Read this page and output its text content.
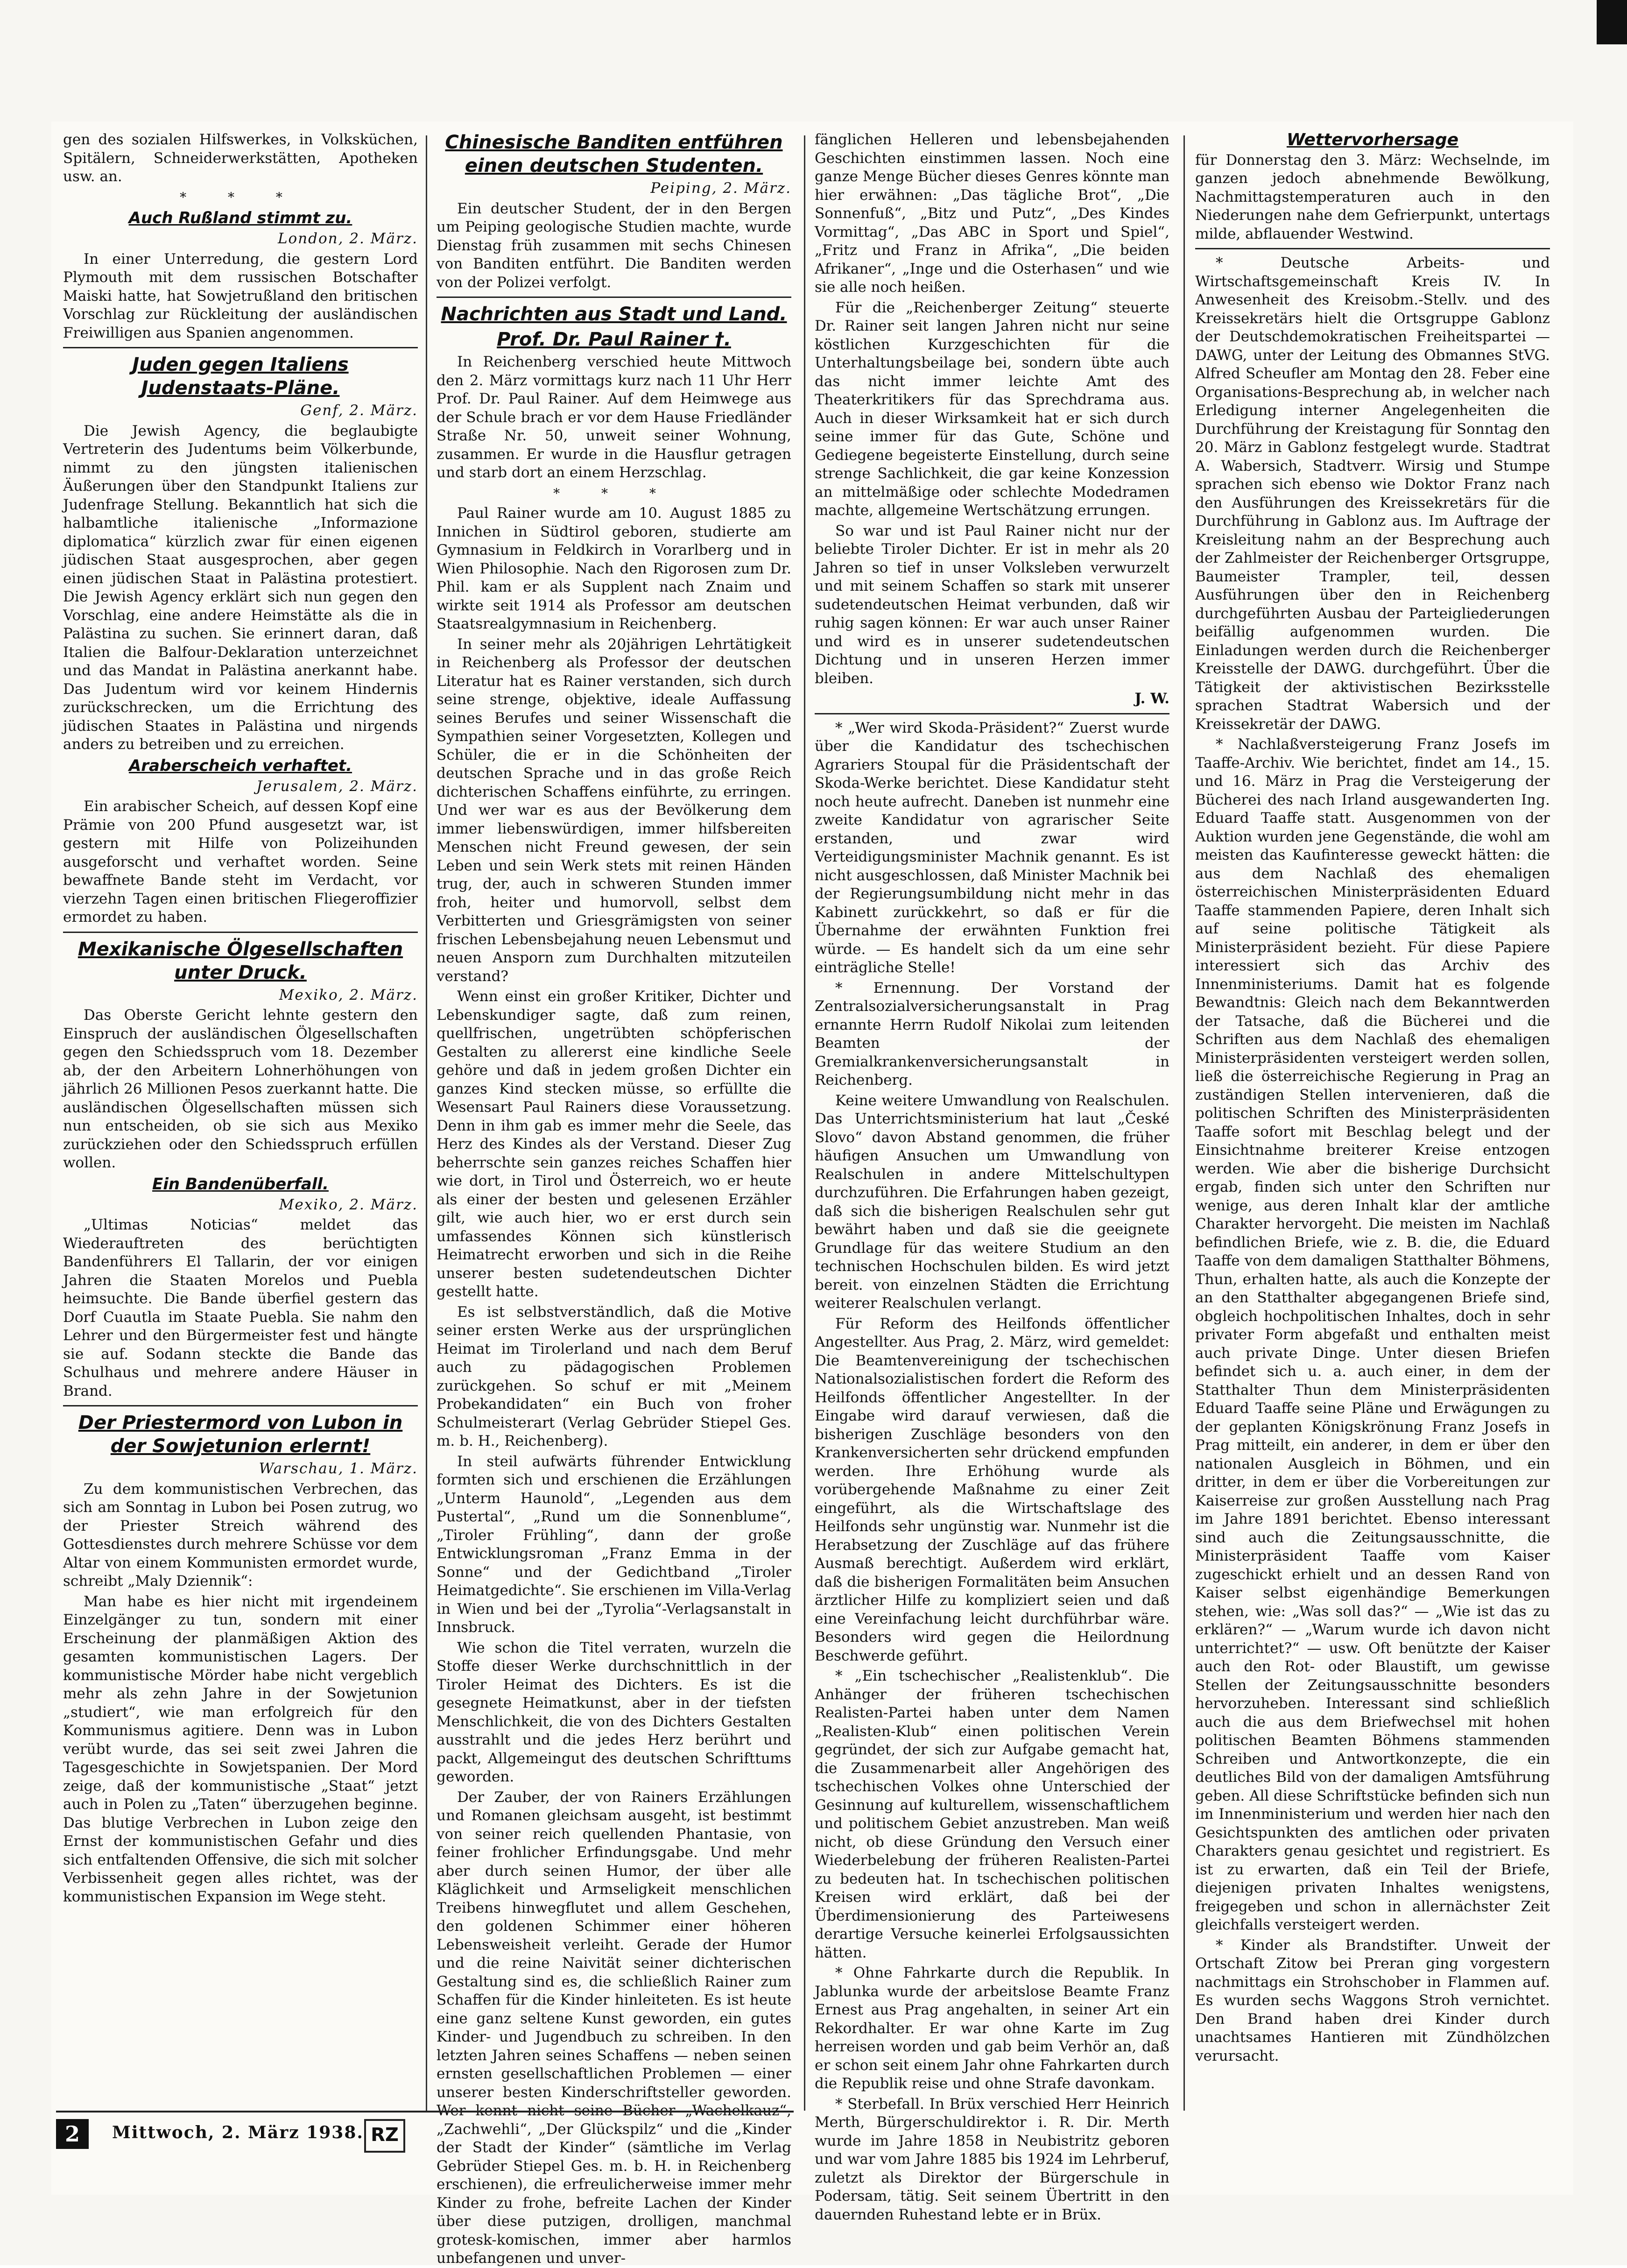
gen des sozialen Hilfswerkes, in Volksküchen, Spitälern, Schneiderwerkstätten, Apotheken usw. an.

* * *

Auch Rußland stimmt zu.

London, 2. März.

In einer Unterredung, die gestern Lord Plymouth mit dem russischen Botschafter Maiski hatte, hat Sowjetrußland den britischen Vorschlag zur Rückleitung der ausländischen Freiwilligen aus Spanien angenommen.

Juden gegen Italiens Judenstaats-Pläne.

Genf, 2. März.

Die Jewish Agency, die beglaubigte Vertreterin des Judentums beim Völkerbunde, nimmt zu den jüngsten italienischen Äußerungen über den Standpunkt Italiens zur Judenfrage Stellung. Bekanntlich hat sich die halbamtliche italienische „Informazione diplomatica“ kürzlich zwar für einen eigenen jüdischen Staat ausgesprochen, aber gegen einen jüdischen Staat in Palästina protestiert. Die Jewish Agency erklärt sich nun gegen den Vorschlag, eine andere Heimstätte als die in Palästina zu suchen. Sie erinnert daran, daß Italien die Balfour-Deklaration unterzeichnet und das Mandat in Palästina anerkannt habe. Das Judentum wird vor keinem Hindernis zurückschrecken, um die Errichtung des jüdischen Staates in Palästina und nirgends anders zu betreiben und zu erreichen.

Araberscheich verhaftet.

Jerusalem, 2. März.

Ein arabischer Scheich, auf dessen Kopf eine Prämie von 200 Pfund ausgesetzt war, ist gestern mit Hilfe von Polizeihunden ausgeforscht und verhaftet worden. Seine bewaffnete Bande steht im Verdacht, vor vierzehn Tagen einen britischen Fliegeroffizier ermordet zu haben.

Mexikanische Ölgesellschaften unter Druck.

Mexiko, 2. März.

Das Oberste Gericht lehnte gestern den Einspruch der ausländischen Ölgesellschaften gegen den Schiedsspruch vom 18. Dezember ab, der den Arbeitern Lohnerhöhungen von jährlich 26 Millionen Pesos zuerkannt hatte. Die ausländischen Ölgesellschaften müssen sich nun entscheiden, ob sie sich aus Mexiko zurückziehen oder den Schiedsspruch erfüllen wollen.

Ein Bandenüberfall.

Mexiko, 2. März.

„Ultimas Noticias“ meldet das Wiederauftreten des berüchtigten Bandenführers El Tallarin, der vor einigen Jahren die Staaten Morelos und Puebla heimsuchte. Die Bande überfiel gestern das Dorf Cuautla im Staate Puebla. Sie nahm den Lehrer und den Bürgermeister fest und hängte sie auf. Sodann steckte die Bande das Schulhaus und mehrere andere Häuser in Brand.

Der Priestermord von Lubon in der Sowjetunion erlernt!

Warschau, 1. März.

Zu dem kommunistischen Verbrechen, das sich am Sonntag in Lubon bei Posen zutrug, wo der Priester Streich während des Gottesdienstes durch mehrere Schüsse vor dem Altar von einem Kommunisten ermordet wurde, schreibt „Maly Dziennik“:

Man habe es hier nicht mit irgendeinem Einzelgänger zu tun, sondern mit einer Erscheinung der planmäßigen Aktion des gesamten kommunistischen Lagers. Der kommunistische Mörder habe nicht vergeblich mehr als zehn Jahre in der Sowjetunion „studiert“, wie man erfolgreich für den Kommunismus agitiere. Denn was in Lubon verübt wurde, das sei seit zwei Jahren die Tagesgeschichte in Sowjetspanien. Der Mord zeige, daß der kommunistische „Staat“ jetzt auch in Polen zu „Taten“ überzugehen beginne. Das blutige Verbrechen in Lubon zeige den Ernst der kommunistischen Gefahr und dies sich entfaltenden Offensive, die sich mit solcher Verbissenheit gegen alles richtet, was der kommunistischen Expansion im Wege steht.

Chinesische Banditen entführen einen deutschen Studenten.

Peiping, 2. März.

Ein deutscher Student, der in den Bergen um Peiping geologische Studien machte, wurde Dienstag früh zusammen mit sechs Chinesen von Banditen entführt. Die Banditen werden von der Polizei verfolgt.

Nachrichten aus Stadt und Land.

Prof. Dr. Paul Rainer †.

In Reichenberg verschied heute Mittwoch den 2. März vormittags kurz nach 11 Uhr Herr Prof. Dr. Paul Rainer. Auf dem Heimwege aus der Schule brach er vor dem Hause Friedländer Straße Nr. 50, unweit seiner Wohnung, zusammen. Er wurde in die Hausflur getragen und starb dort an einem Herzschlag.

* * *

Paul Rainer wurde am 10. August 1885 zu Innichen in Südtirol geboren, studierte am Gymnasium in Feldkirch in Vorarlberg und in Wien Philosophie. Nach den Rigorosen zum Dr. Phil. kam er als Supplent nach Znaim und wirkte seit 1914 als Professor am deutschen Staatsrealgymnasium in Reichenberg.

In seiner mehr als 20jährigen Lehrtätigkeit in Reichenberg als Professor der deutschen Literatur hat es Rainer verstanden, sich durch seine strenge, objektive, ideale Auffassung seines Berufes und seiner Wissenschaft die Sympathien seiner Vorgesetzten, Kollegen und Schüler, die er in die Schönheiten der deutschen Sprache und in das große Reich dichterischen Schaffens einführte, zu erringen. Und wer war es aus der Bevölkerung dem immer liebenswürdigen, immer hilfsbereiten Menschen nicht Freund gewesen, der sein Leben und sein Werk stets mit reinen Händen trug, der, auch in schweren Stunden immer froh, heiter und humorvoll, selbst dem Verbitterten und Griesgrämigsten von seiner frischen Lebensbejahung neuen Lebensmut und neuen Ansporn zum Durchhalten mitzuteilen verstand?

Wenn einst ein großer Kritiker, Dichter und Lebenskundiger sagte, daß zum reinen, quellfrischen, ungetrübten schöpferischen Gestalten zu allererst eine kindliche Seele gehöre und daß in jedem großen Dichter ein ganzes Kind stecken müsse, so erfüllte die Wesensart Paul Rainers diese Voraussetzung. Denn in ihm gab es immer mehr die Seele, das Herz des Kindes als der Verstand. Dieser Zug beherrschte sein ganzes reiches Schaffen hier wie dort, in Tirol und Österreich, wo er heute als einer der besten und gelesenen Erzähler gilt, wie auch hier, wo er erst durch sein umfassendes Können sich künstlerisch Heimatrecht erworben und sich in die Reihe unserer besten sudetendeutschen Dichter gestellt hatte.

Es ist selbstverständlich, daß die Motive seiner ersten Werke aus der ursprünglichen Heimat im Tirolerland und nach dem Beruf auch zu pädagogischen Problemen zurückgehen. So schuf er mit „Meinem Probekandidaten“ ein Buch von froher Schulmeisterart (Verlag Gebrüder Stiepel Ges. m. b. H., Reichenberg).

In steil aufwärts führender Entwicklung formten sich und erschienen die Erzählungen „Unterm Haunold“, „Legenden aus dem Pustertal“, „Rund um die Sonnenblume“, „Tiroler Frühling“, dann der große Entwicklungsroman „Franz Emma in der Sonne“ und der Gedichtband „Tiroler Heimatgedichte“. Sie erschienen im Villa-Verlag in Wien und bei der „Tyrolia“-Verlagsanstalt in Innsbruck.

Wie schon die Titel verraten, wurzeln die Stoffe dieser Werke durchschnittlich in der Tiroler Heimat des Dichters. Es ist die gesegnete Heimatkunst, aber in der tiefsten Menschlichkeit, die von des Dichters Gestalten ausstrahlt und die jedes Herz berührt und packt, Allgemeingut des deutschen Schrifttums geworden.

Der Zauber, der von Rainers Erzählungen und Romanen gleichsam ausgeht, ist bestimmt von seiner reich quellenden Phantasie, von feiner frohlicher Erfindungsgabe. Und mehr aber durch seinen Humor, der über alle Kläglichkeit und Armseligkeit menschlichen Treibens hinwegflutet und allem Geschehen, den goldenen Schimmer einer höheren Lebensweisheit verleiht. Gerade der Humor und die reine Naivität seiner dichterischen Gestaltung sind es, die schließlich Rainer zum Schaffen für die Kinder hinleiteten. Es ist heute eine ganz seltene Kunst geworden, ein gutes Kinder- und Jugendbuch zu schreiben. In den letzten Jahren seines Schaffens — neben seinen ernsten gesellschaftlichen Problemen — einer unserer besten Kinderschriftsteller geworden. Wer kennt nicht seine Bücher „Wachelkauz“, „Zachwehli“, „Der Glückspilz“ und die „Kinder der Stadt der Kinder“ (sämtliche im Verlag Gebrüder Stiepel Ges. m. b. H. in Reichenberg erschienen), die erfreulicherweise immer mehr Kinder zu frohe, befreite Lachen der Kinder über diese putzigen, drolligen, manchmal grotesk-komischen, immer aber harmlos unbefangenen und unver-

fänglichen Helleren und lebensbejahenden Geschichten einstimmen lassen. Noch eine ganze Menge Bücher dieses Genres könnte man hier erwähnen: „Das tägliche Brot“, „Die Sonnenfuß“, „Bitz und Putz“, „Des Kindes Vormittag“, „Das ABC in Sport und Spiel“, „Fritz und Franz in Afrika“, „Die beiden Afrikaner“, „Inge und die Osterhasen“ und wie sie alle noch heißen.

Für die „Reichenberger Zeitung“ steuerte Dr. Rainer seit langen Jahren nicht nur seine köstlichen Kurzgeschichten für die Unterhaltungsbeilage bei, sondern übte auch das nicht immer leichte Amt des Theaterkritikers für das Sprechdrama aus. Auch in dieser Wirksamkeit hat er sich durch seine immer für das Gute, Schöne und Gediegene begeisterte Einstellung, durch seine strenge Sachlichkeit, die gar keine Konzession an mittelmäßige oder schlechte Modedramen machte, allgemeine Wertschätzung errungen.

So war und ist Paul Rainer nicht nur der beliebte Tiroler Dichter. Er ist in mehr als 20 Jahren so tief in unser Volksleben verwurzelt und mit seinem Schaffen so stark mit unserer sudetendeutschen Heimat verbunden, daß wir ruhig sagen können: Er war auch unser Rainer und wird es in unserer sudetendeutschen Dichtung und in unseren Herzen immer bleiben.

J. W.

* „Wer wird Skoda-Präsident?“ Zuerst wurde über die Kandidatur des tschechischen Agrariers Stoupal für die Präsidentschaft der Skoda-Werke berichtet. Diese Kandidatur steht noch heute aufrecht. Daneben ist nunmehr eine zweite Kandidatur von agrarischer Seite erstanden, und zwar wird Verteidigungsminister Machnik genannt. Es ist nicht ausgeschlossen, daß Minister Machnik bei der Regierungsumbildung nicht mehr in das Kabinett zurückkehrt, so daß er für die Übernahme der erwähnten Funktion frei würde. — Es handelt sich da um eine sehr einträgliche Stelle!

* Ernennung. Der Vorstand der Zentralsozialversicherungsanstalt in Prag ernannte Herrn Rudolf Nikolai zum leitenden Beamten der Gremialkrankenversicherungsanstalt in Reichenberg.

Keine weitere Umwandlung von Realschulen. Das Unterrichtsministerium hat laut „České Slovo“ davon Abstand genommen, die früher häufigen Ansuchen um Umwandlung von Realschulen in andere Mittelschultypen durchzuführen. Die Erfahrungen haben gezeigt, daß sich die bisherigen Realschulen sehr gut bewährt haben und daß sie die geeignete Grundlage für das weitere Studium an den technischen Hochschulen bilden. Es wird jetzt bereit. von einzelnen Städten die Errichtung weiterer Realschulen verlangt.

Für Reform des Heilfonds öffentlicher Angestellter. Aus Prag, 2. März, wird gemeldet: Die Beamtenvereinigung der tschechischen Nationalsozialistischen fordert die Reform des Heilfonds öffentlicher Angestellter. In der Eingabe wird darauf verwiesen, daß die bisherigen Zuschläge besonders von den Krankenversicherten sehr drückend empfunden werden. Ihre Erhöhung wurde als vorübergehende Maßnahme zu einer Zeit eingeführt, als die Wirtschaftslage des Heilfonds sehr ungünstig war. Nunmehr ist die Herabsetzung der Zuschläge auf das frühere Ausmaß berechtigt. Außerdem wird erklärt, daß die bisherigen Formalitäten beim Ansuchen ärztlicher Hilfe zu kompliziert seien und daß eine Vereinfachung leicht durchführbar wäre. Besonders wird gegen die Heilordnung Beschwerde geführt.

* „Ein tschechischer „Realistenklub“. Die Anhänger der früheren tschechischen Realisten-Partei haben unter dem Namen „Realisten-Klub“ einen politischen Verein gegründet, der sich zur Aufgabe gemacht hat, die Zusammenarbeit aller Angehörigen des tschechischen Volkes ohne Unterschied der Gesinnung auf kulturellem, wissenschaftlichem und politischem Gebiet anzustreben. Man weiß nicht, ob diese Gründung den Versuch einer Wiederbelebung der früheren Realisten-Partei zu bedeuten hat. In tschechischen politischen Kreisen wird erklärt, daß bei der Überdimensionierung des Parteiwesens derartige Versuche keinerlei Erfolgsaussichten hätten.

* Ohne Fahrkarte durch die Republik. In Jablunka wurde der arbeitslose Beamte Franz Ernest aus Prag angehalten, in seiner Art ein Rekordhalter. Er war ohne Karte im Zug herreisen worden und gab beim Verhör an, daß er schon seit einem Jahr ohne Fahrkarten durch die Republik reise und ohne Strafe davonkam.

* Sterbefall. In Brüx verschied Herr Heinrich Merth, Bürgerschuldirektor i. R. Dir. Merth wurde im Jahre 1858 in Neubistritz geboren und war vom Jahre 1885 bis 1924 im Lehrberuf, zuletzt als Direktor der Bürgerschule in Podersam, tätig. Seit seinem Übertritt in den dauernden Ruhestand lebte er in Brüx.

Wettervorhersage

für Donnerstag den 3. März: Wechselnde, im ganzen jedoch abnehmende Bewölkung, Nachmittagstemperaturen auch in den Niederungen nahe dem Gefrierpunkt, untertags milde, abflauender Westwind.

* Deutsche Arbeits- und Wirtschaftsgemeinschaft Kreis IV. In Anwesenheit des Kreisobm.-Stellv. und des Kreissekretärs hielt die Ortsgruppe Gablonz der Deutschdemokratischen Freiheitspartei — DAWG, unter der Leitung des Obmannes StVG. Alfred Scheufler am Montag den 28. Feber eine Organisations-Besprechung ab, in welcher nach Erledigung interner Angelegenheiten die Durchführung der Kreistagung für Sonntag den 20. März in Gablonz festgelegt wurde. Stadtrat A. Wabersich, Stadtverr. Wirsig und Stumpe sprachen sich ebenso wie Doktor Franz nach den Ausführungen des Kreissekretärs für die Durchführung in Gablonz aus. Im Auftrage der Kreisleitung nahm an der Besprechung auch der Zahlmeister der Reichenberger Ortsgruppe, Baumeister Trampler, teil, dessen Ausführungen über den in Reichenberg durchgeführten Ausbau der Parteigliederungen beifällig aufgenommen wurden. Die Einladungen werden durch die Reichenberger Kreisstelle der DAWG. durchgeführt. Über die Tätigkeit der aktivistischen Bezirksstelle sprachen Stadtrat Wabersich und der Kreissekretär der DAWG.

* Nachlaßversteigerung Franz Josefs im Taaffe-Archiv. Wie berichtet, findet am 14., 15. und 16. März in Prag die Versteigerung der Bücherei des nach Irland ausgewanderten Ing. Eduard Taaffe statt. Ausgenommen von der Auktion wurden jene Gegenstände, die wohl am meisten das Kaufinteresse geweckt hätten: die aus dem Nachlaß des ehemaligen österreichischen Ministerpräsidenten Eduard Taaffe stammenden Papiere, deren Inhalt sich auf seine politische Tätigkeit als Ministerpräsident bezieht. Für diese Papiere interessiert sich das Archiv des Innenministeriums. Damit hat es folgende Bewandtnis: Gleich nach dem Bekanntwerden der Tatsache, daß die Bücherei und die Schriften aus dem Nachlaß des ehemaligen Ministerpräsidenten versteigert werden sollen, ließ die österreichische Regierung in Prag an zuständigen Stellen intervenieren, daß die politischen Schriften des Ministerpräsidenten Taaffe sofort mit Beschlag belegt und der Einsichtnahme breiterer Kreise entzogen werden. Wie aber die bisherige Durchsicht ergab, finden sich unter den Schriften nur wenige, aus deren Inhalt klar der amtliche Charakter hervorgeht. Die meisten im Nachlaß befindlichen Briefe, wie z. B. die, die Eduard Taaffe von dem damaligen Statthalter Böhmens, Thun, erhalten hatte, als auch die Konzepte der an den Statthalter abgegangenen Briefe sind, obgleich hochpolitischen Inhaltes, doch in sehr privater Form abgefaßt und enthalten meist auch private Dinge. Unter diesen Briefen befindet sich u. a. auch einer, in dem der Statthalter Thun dem Ministerpräsidenten Eduard Taaffe seine Pläne und Erwägungen zu der geplanten Königskrönung Franz Josefs in Prag mitteilt, ein anderer, in dem er über den nationalen Ausgleich in Böhmen, und ein dritter, in dem er über die Vorbereitungen zur Kaiserreise zur großen Ausstellung nach Prag im Jahre 1891 berichtet. Ebenso interessant sind auch die Zeitungsausschnitte, die Ministerpräsident Taaffe vom Kaiser zugeschickt erhielt und an dessen Rand von Kaiser selbst eigenhändige Bemerkungen stehen, wie: „Was soll das?“ — „Wie ist das zu erklären?“ — „Warum wurde ich davon nicht unterrichtet?“ — usw. Oft benützte der Kaiser auch den Rot- oder Blaustift, um gewisse Stellen der Zeitungsausschnitte besonders hervorzuheben. Interessant sind schließlich auch die aus dem Briefwechsel mit hohen politischen Beamten Böhmens stammenden Schreiben und Antwortkonzepte, die ein deutliches Bild von der damaligen Amtsführung geben. All diese Schriftstücke befinden sich nun im Innenministerium und werden hier nach den Gesichtspunkten des amtlichen oder privaten Charakters genau gesichtet und registriert. Es ist zu erwarten, daß ein Teil der Briefe, diejenigen privaten Inhaltes wenigstens, freigegeben und schon in allernächster Zeit gleichfalls versteigert werden.

* Kinder als Brandstifter. Unweit der Ortschaft Zitow bei Preran ging vorgestern nachmittags ein Strohschober in Flammen auf. Es wurden sechs Waggons Stroh vernichtet. Den Brand haben drei Kinder durch unachtsames Hantieren mit Zündhölzchen verursacht.

2	Mittwoch, 2. März 1938. RZ
